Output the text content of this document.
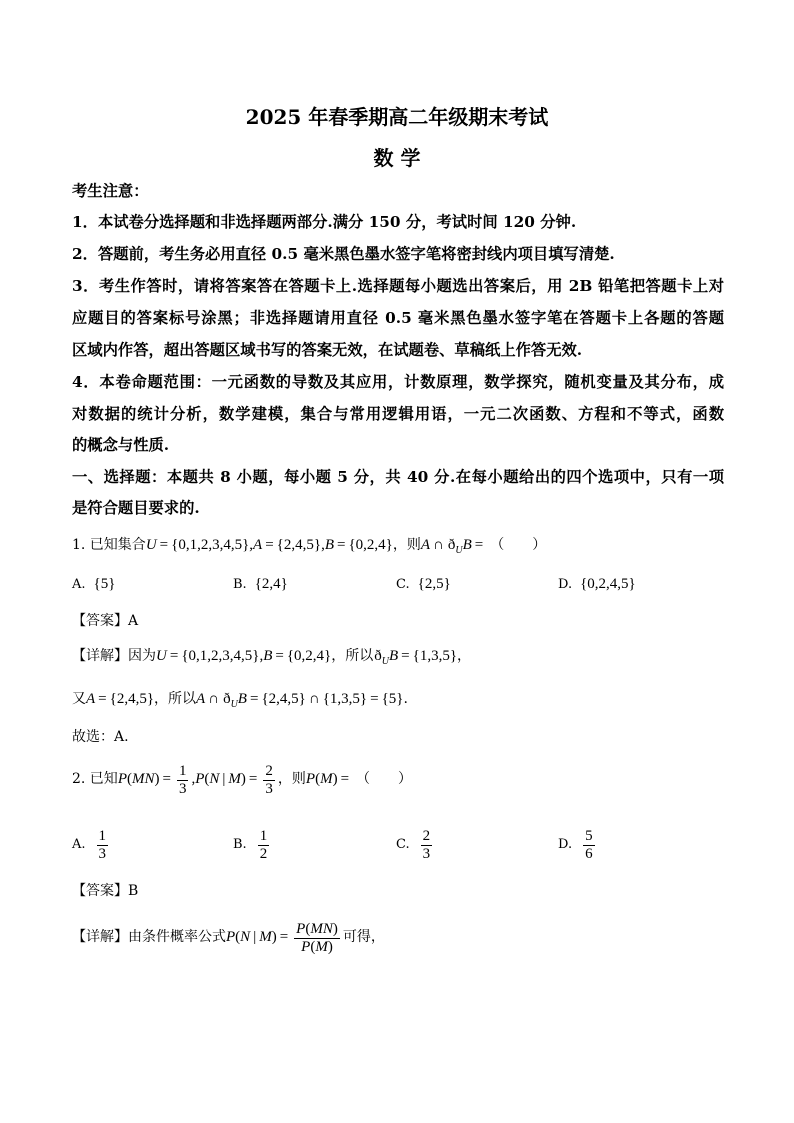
2025 年春季期高二年级期末考试
数 学
考生注意：
1．本试卷分选择题和非选择题两部分.满分 150 分，考试时间 120 分钟.
2．答题前，考生务必用直径 0.5 毫米黑色墨水签字笔将密封线内项目填写清楚.
3．考生作答时，请将答案答在答题卡上.选择题每小题选出答案后，用 2B 铅笔把答题卡上对
应题目的答案标号涂黑；非选择题请用直径 0.5 毫米黑色墨水签字笔在答题卡上各题的答题
区域内作答，超出答题区域书写的答案无效，在试题卷、草稿纸上作答无效.
4．本卷命题范围：一元函数的导数及其应用，计数原理，数学探究，随机变量及其分布，成
对数据的统计分析，数学建模，集合与常用逻辑用语，一元二次函数、方程和不等式，函数
的概念与性质.
一、选择题：本题共 8 小题，每小题 5 分，共 40 分.在每小题给出的四个选项中，只有一项
是符合题目要求的.
1. 已知集合U = {0,1,2,3,4,5},A = {2,4,5},B = {0,2,4}，则A ∩ $ð_UB$ = （　　）
A. {5}	B. {2,4}	C. {2,5}	D. {0,2,4,5}
【答案】A
【详解】因为U = {0,1,2,3,4,5},B = {0,2,4}，所以$ð_UB = \{1,3,5\}$，
又A = {2,4,5}，所以A ∩ $ð_UB = \{2,4,5\}$ ∩ {1,3,5} = {5}.
故选：A.
2. 已知$P(MN) = \frac{1}{3} ,P(N$ | $M) = \frac{2}{3}$ ，则P(M) = （　　）
A. $\frac{1}{3}$	B. $\frac{1}{2}$	C. $\frac{2}{3}$	D. $\frac{5}{6}$
【答案】B
【详解】由条件概率公式P(N | $M) = \frac{P(MN)}{P(M)}$ 可得，
